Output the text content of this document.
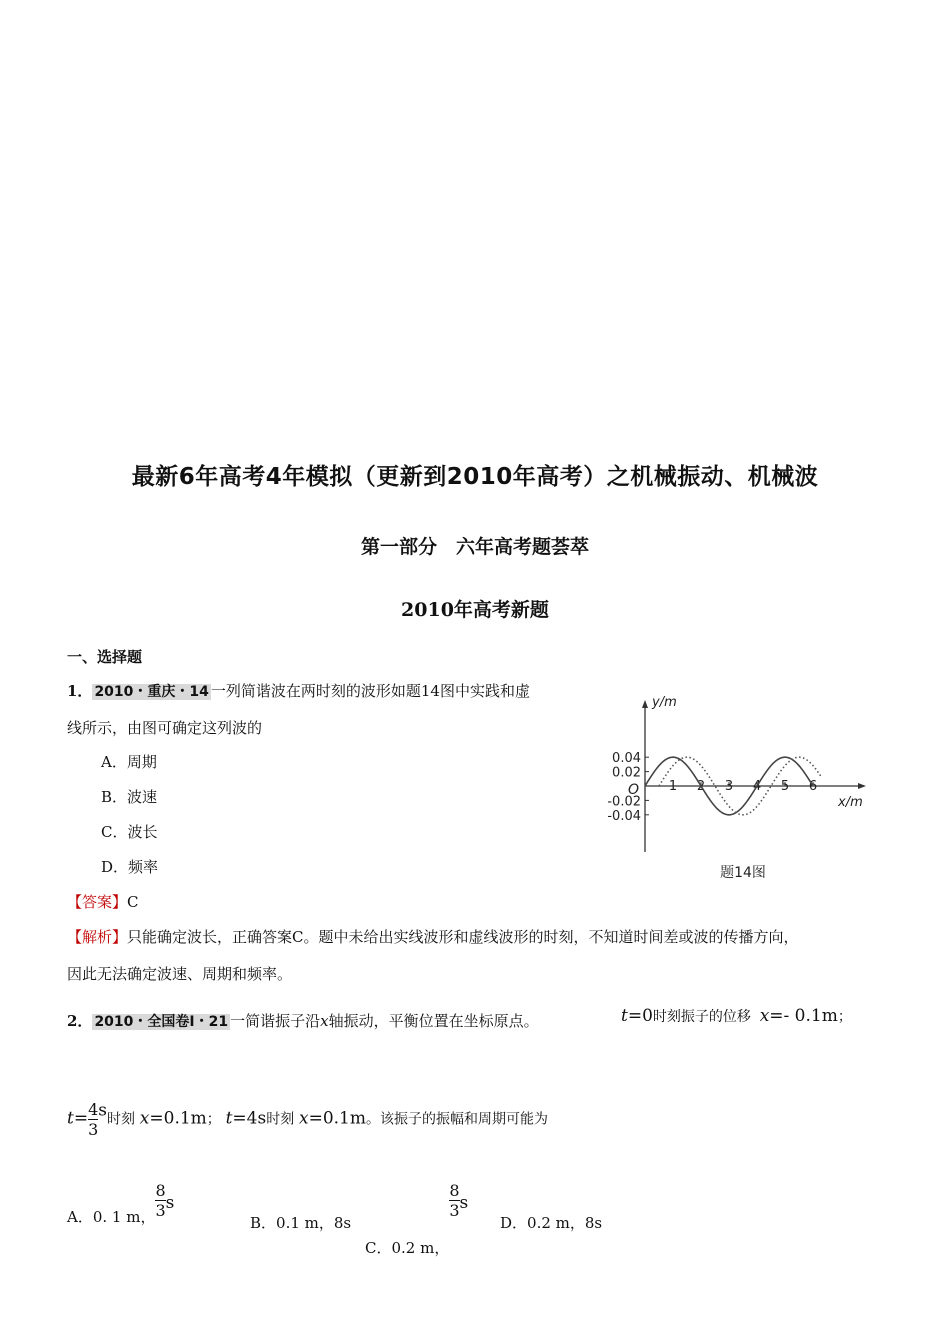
最新6年高考4年模拟（更新到2010年高考）之机械振动、机械波
第一部分　六年高考题荟萃
2010年高考新题
一、选择题
1． 2010・重庆・14 一列简谐波在两时刻的波形如题14图中实践和虚
线所示，由图可确定这列波的
A．周期
B．波速
C．波长
D．频率
【答案】C
【解析】只能确定波长，正确答案C。题中未给出实线波形和虚线波形的时刻，不知道时间差或波的传播方向，
因此无法确定波速、周期和频率。
0.04
0.02
-0.02
-0.04
1 2 3 4 5 6
y/m
x/m
O
题14图
2． 2010・全国卷Ⅰ・21 一简谐振子沿x轴振动，平衡位置在坐标原点。	t=0时刻振子的位移 x=- 0.1m；
$t= \frac{4}{3}$ s时刻 x=0.1m； t=4s时刻 x=0.1m。该振子的振幅和周期可能为
A．0. 1 m， $\frac{8}{3}$ s
B．0.1 m，8s
C．0.2 m，
$\frac{8}{3}$ s
D．0.2 m，8s
